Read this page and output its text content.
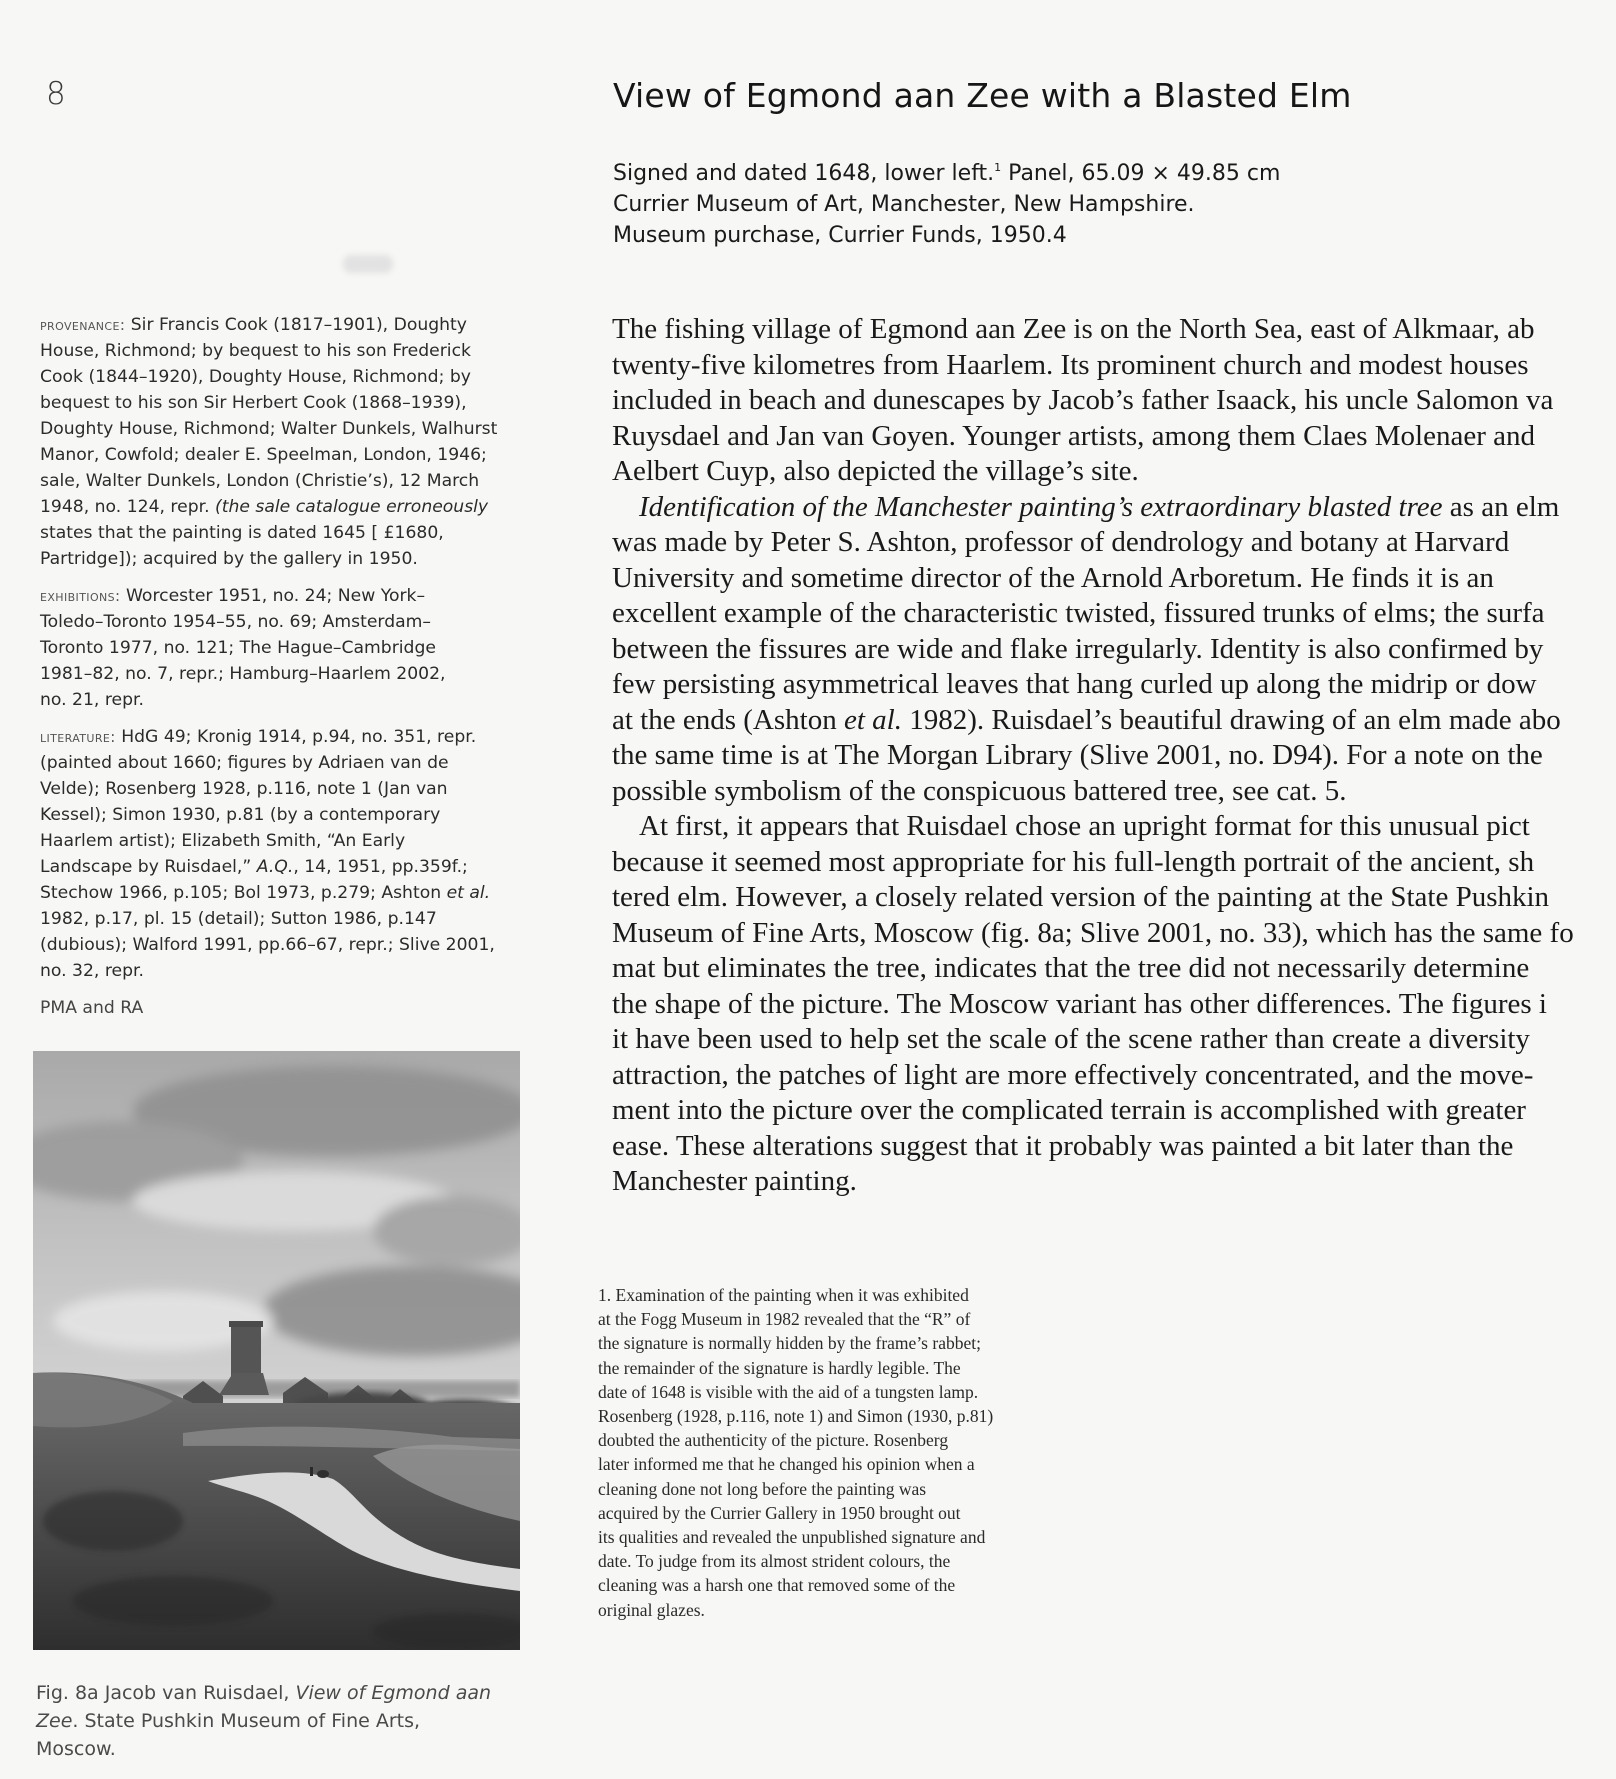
8	View of Egmond aan Zee with a Blasted Elm
Signed and dated 1648, lower left.$^1$ Panel, 65.09 × 49.85 cm
Currier Museum of Art, Manchester, New Hampshire.
Museum purchase, Currier Funds, 1950.4

provenance: Sir Francis Cook (1817–1901), Doughty
House, Richmond; by bequest to his son Frederick
Cook (1844–1920), Doughty House, Richmond; by
bequest to his son Sir Herbert Cook (1868–1939),
Doughty House, Richmond; Walter Dunkels, Walhurst
Manor, Cowfold; dealer E. Speelman, London, 1946;
sale, Walter Dunkels, London (Christie’s), 12 March
1948, no. 124, repr. (the sale catalogue erroneously
states that the painting is dated 1645 [ £1680,
Partridge]); acquired by the gallery in 1950.

exhibitions: Worcester 1951, no. 24; New York–
Toledo–Toronto 1954–55, no. 69; Amsterdam–
Toronto 1977, no. 121; The Hague–Cambridge
1981–82, no. 7, repr.; Hamburg–Haarlem 2002,
no. 21, repr.

literature: HdG 49; Kronig 1914, p.94, no. 351, repr.
(painted about 1660; figures by Adriaen van de
Velde); Rosenberg 1928, p.116, note 1 (Jan van
Kessel); Simon 1930, p.81 (by a contemporary
Haarlem artist); Elizabeth Smith, “An Early
Landscape by Ruisdael,” A.Q., 14, 1951, pp.359f.;
Stechow 1966, p.105; Bol 1973, p.279; Ashton et al.
1982, p.17, pl. 15 (detail); Sutton 1986, p.147
(dubious); Walford 1991, pp.66–67, repr.; Slive 2001,
no. 32, repr.

PMA and RA

Fig. 8a Jacob van Ruisdael, View of Egmond aan
Zee. State Pushkin Museum of Fine Arts,
Moscow.
The fishing village of Egmond aan Zee is on the North Sea, east of Alkmaar, ab
twenty-five kilometres from Haarlem. Its prominent church and modest houses
included in beach and dunescapes by Jacob’s father Isaack, his uncle Salomon va
Ruysdael and Jan van Goyen. Younger artists, among them Claes Molenaer and
Aelbert Cuyp, also depicted the village’s site.
Identification of the Manchester painting’s extraordinary blasted tree as an elm
was made by Peter S. Ashton, professor of dendrology and botany at Harvard
University and sometime director of the Arnold Arboretum. He finds it is an
excellent example of the characteristic twisted, fissured trunks of elms; the surfa
between the fissures are wide and flake irregularly. Identity is also confirmed by
few persisting asymmetrical leaves that hang curled up along the midrip or dow
at the ends (Ashton et al. 1982). Ruisdael’s beautiful drawing of an elm made abo
the same time is at The Morgan Library (Slive 2001, no. D94). For a note on the
possible symbolism of the conspicuous battered tree, see cat. 5.
At first, it appears that Ruisdael chose an upright format for this unusual pict
because it seemed most appropriate for his full-length portrait of the ancient, sh
tered elm. However, a closely related version of the painting at the State Pushkin
Museum of Fine Arts, Moscow (fig. 8a; Slive 2001, no. 33), which has the same fo
mat but eliminates the tree, indicates that the tree did not necessarily determine
the shape of the picture. The Moscow variant has other differences. The figures i
it have been used to help set the scale of the scene rather than create a diversity
attraction, the patches of light are more effectively concentrated, and the move-
ment into the picture over the complicated terrain is accomplished with greater
ease. These alterations suggest that it probably was painted a bit later than the
Manchester painting.
1. Examination of the painting when it was exhibited
at the Fogg Museum in 1982 revealed that the “R” of
the signature is normally hidden by the frame’s rabbet;
the remainder of the signature is hardly legible. The
date of 1648 is visible with the aid of a tungsten lamp.
Rosenberg (1928, p.116, note 1) and Simon (1930, p.81)
doubted the authenticity of the picture. Rosenberg
later informed me that he changed his opinion when a
cleaning done not long before the painting was
acquired by the Currier Gallery in 1950 brought out
its qualities and revealed the unpublished signature and
date. To judge from its almost strident colours, the
cleaning was a harsh one that removed some of the
original glazes.
